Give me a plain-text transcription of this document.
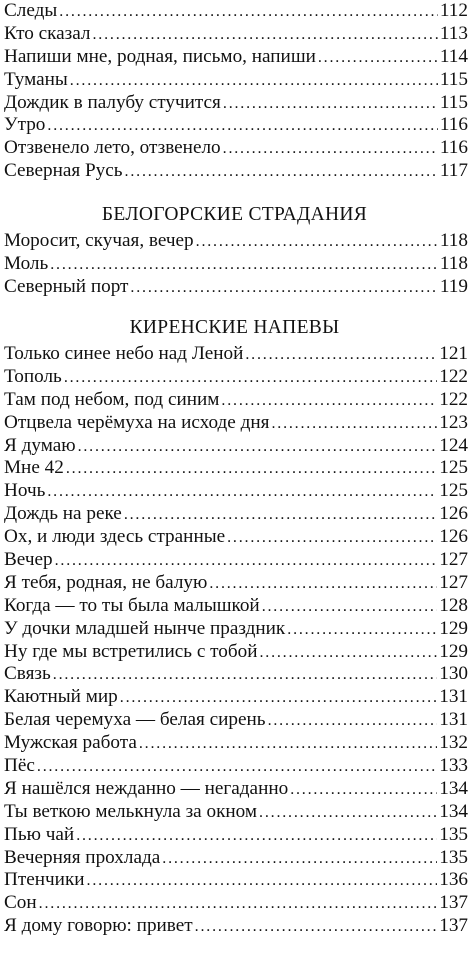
Следы .....	112
Кто сказал .....	113
Напиши мне, родная, письмо, напиши .....	114
Туманы .....	115
Дождик в палубу стучится .....	115
Утро .....	116
Отзвенело лето, отзвенело .....	116
Северная Русь .....	117
БЕЛОГОРСКИЕ СТРАДАНИЯ
Моросит, скучая, вечер .....	118
Моль .....	118
Северный порт .....	119
КИРЕНСКИЕ НАПЕВЫ
Только синее небо над Леной .....	121
Тополь .....	122
Там под небом, под синим .....	122
Отцвела черёмуха на исходе дня .....	123
Я думаю .....	124
Мне 42 .....	125
Ночь .....	125
Дождь на реке .....	126
Ох, и люди здесь странные .....	126
Вечер .....	127
Я тебя, родная, не балую .....	127
Когда — то ты была малышкой .....	128
У дочки младшей нынче праздник .....	129
Ну где мы встретились с тобой .....	129
Связь .....	130
Каютный мир .....	131
Белая черемуха — белая сирень .....	131
Мужская работа .....	132
Пёс .....	133
Я нашёлся нежданно — негаданно .....	134
Ты веткою мелькнула за окном .....	134
Пью чай .....	135
Вечерняя прохлада .....	135
Птенчики .....	136
Сон .....	137
Я дому говорю: привет .....	137
